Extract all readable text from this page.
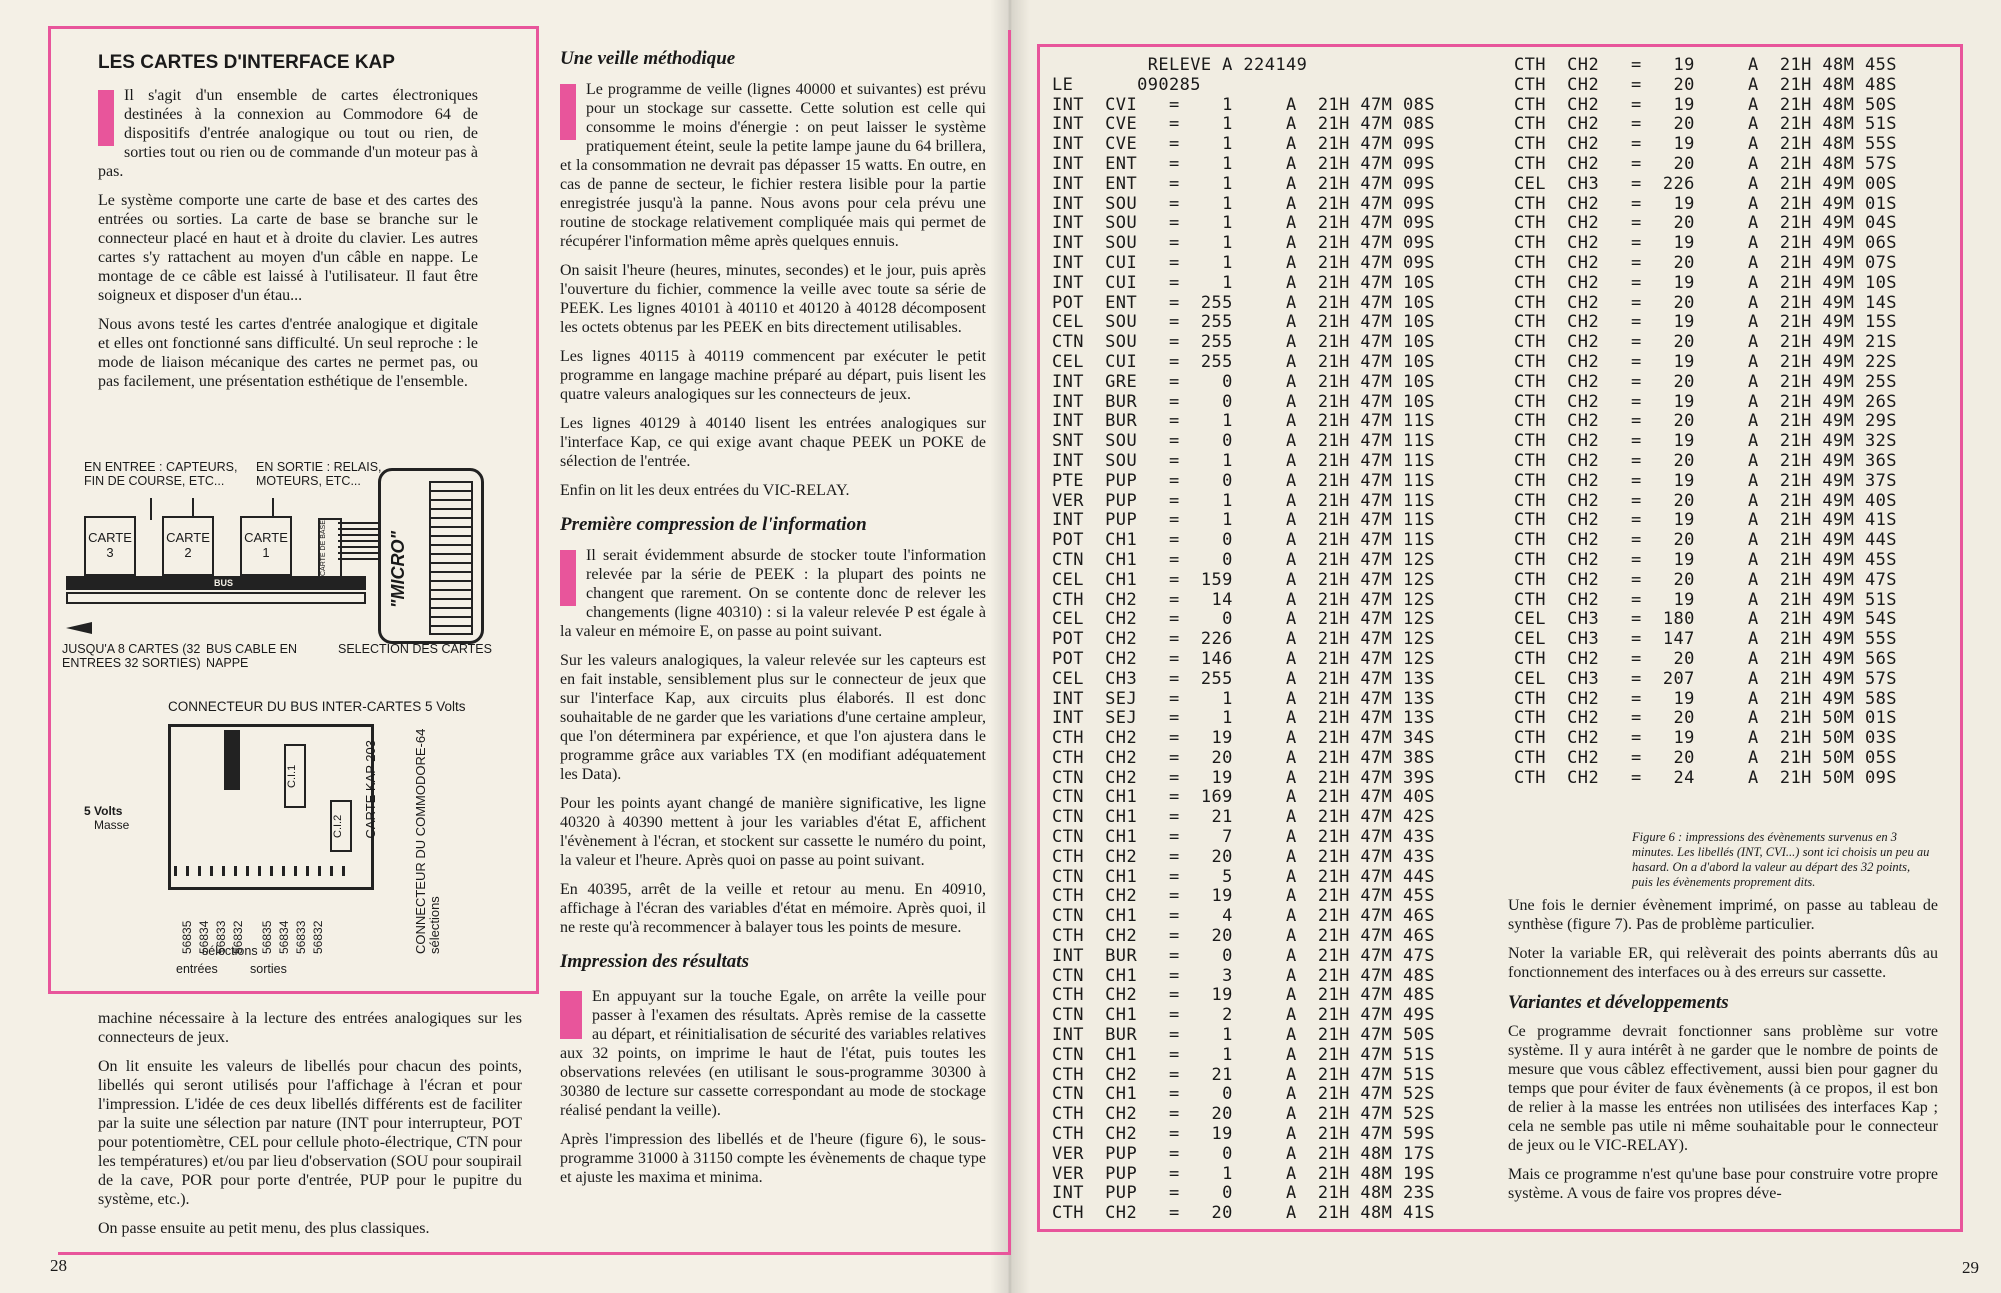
LES CARTES D'INTERFACE KAP

Il s'agit d'un ensemble de cartes électroniques destinées à la connexion au Commodore 64 de dispositifs d'entrée analogique ou tout ou rien, de sorties tout ou rien ou de commande d'un moteur pas à pas.

Le système comporte une carte de base et des cartes des entrées ou sorties. La carte de base se branche sur le connecteur placé en haut et à droite du clavier. Les autres cartes s'y rattachent au moyen d'un câble en nappe. Le montage de ce câble est laissé à l'utilisateur. Il faut être soigneux et disposer d'un étau...

Nous avons testé les cartes d'entrée analogique et digitale et elles ont fonctionné sans difficulté. Un seul reproche : le mode de liaison mécanique des cartes ne permet pas, ou pas facilement, une présentation esthétique de l'ensemble.

EN ENTREE : CAPTEURS, FIN DE COURSE, ETC...
EN SORTIE : RELAIS, MOTEURS, ETC...
CARTE 3
CARTE 2
CARTE 1	CARTE DE BASE
BUS	"MICRO"
JUSQU'A 8 CARTES (32 ENTREES 32 SORTIES)
BUS CABLE EN NAPPE
SELECTION DES CARTES
CONNECTEUR DU BUS INTER-CARTES 5 Volts
C.I.1
C.I.2	CARTE KAP 203	CONNECTEUR DU COMMODORE-64 sélections
5 Volts
Masse
56835 56834 56833 56832 56835 56834 56833 56832
sélections
entrées	sorties

machine nécessaire à la lecture des entrées analogiques sur les connecteurs de jeux.

On lit ensuite les valeurs de libellés pour chacun des points, libellés qui seront utilisés pour l'affichage à l'écran et pour l'impression. L'idée de ces deux libellés différents est de faciliter par la suite une sélection par nature (INT pour interrupteur, POT pour potentiomètre, CEL pour cellule photo-électrique, CTN pour les températures) et/ou par lieu d'observation (SOU pour soupirail de la cave, POR pour porte d'entrée, PUP pour le pupitre du système, etc.).

On passe ensuite au petit menu, des plus classiques.

28
Une veille méthodique

Le programme de veille (lignes 40000 et suivantes) est prévu pour un stockage sur cassette. Cette solution est celle qui consomme le moins d'énergie : on peut laisser le système pratiquement éteint, seule la petite lampe jaune du 64 brillera, et la consommation ne devrait pas dépasser 15 watts. En outre, en cas de panne de secteur, le fichier restera lisible pour la partie enregistrée jusqu'à la panne. Nous avons pour cela prévu une routine de stockage relativement compliquée mais qui permet de récupérer l'information même après quelques ennuis.

On saisit l'heure (heures, minutes, secondes) et le jour, puis après l'ouverture du fichier, commence la veille avec toute sa série de PEEK. Les lignes 40101 à 40110 et 40120 à 40128 décomposent les octets obtenus par les PEEK en bits directement utilisables.

Les lignes 40115 à 40119 commencent par exécuter le petit programme en langage machine préparé au départ, puis lisent les quatre valeurs analogiques sur les connecteurs de jeux.

Les lignes 40129 à 40140 lisent les entrées analogiques sur l'interface Kap, ce qui exige avant chaque PEEK un POKE de sélection de l'entrée.

Enfin on lit les deux entrées du VIC-RELAY.

Première compression de l'information

Il serait évidemment absurde de stocker toute l'information relevée par la série de PEEK : la plupart des points ne changent que rarement. On se contente donc de relever les changements (ligne 40310) : si la valeur relevée P est égale à la valeur en mémoire E, on passe au point suivant.

Sur les valeurs analogiques, la valeur relevée sur les capteurs est en fait instable, sensiblement plus sur le connecteur de jeux que sur l'interface Kap, aux circuits plus élaborés. Il est donc souhaitable de ne garder que les variations d'une certaine ampleur, que l'on déterminera par expérience, et que l'on ajustera dans le programme grâce aux variables TX (en modifiant adéquatement les Data).

Pour les points ayant changé de manière significative, les ligne 40320 à 40390 mettent à jour les variables d'état E, affichent l'évènement à l'écran, et stockent sur cassette le numéro du point, la valeur et l'heure. Après quoi on passe au point suivant.

En 40395, arrêt de la veille et retour au menu. En 40910, affichage à l'écran des variables d'état en mémoire. Après quoi, il ne reste qu'à recommencer à balayer tous les points de mesure.

Impression des résultats

En appuyant sur la touche Egale, on arrête la veille pour passer à l'examen des résultats. Après remise de la cassette au départ, et réinitialisation de sécurité des variables relatives aux 32 points, on imprime le haut de l'état, puis toutes les observations relevées (en utilisant le sous-programme 30300 à 30380 de lecture sur cassette correspondant au mode de stockage réalisé pendant la veille).

Après l'impression des libellés et de l'heure (figure 6), le sous-programme 31000 à 31150 compte les évènements de chaque type et ajuste les maxima et minima.

RELEVE A 224149
LE      090285
INT  CVI   =    1     A  21H 47M 08S
INT  CVE   =    1     A  21H 47M 08S
INT  CVE   =    1     A  21H 47M 09S
INT  ENT   =    1     A  21H 47M 09S
INT  ENT   =    1     A  21H 47M 09S
INT  SOU   =    1     A  21H 47M 09S
INT  SOU   =    1     A  21H 47M 09S
INT  SOU   =    1     A  21H 47M 09S
INT  CUI   =    1     A  21H 47M 09S
INT  CUI   =    1     A  21H 47M 10S
POT  ENT   =  255     A  21H 47M 10S
CEL  SOU   =  255     A  21H 47M 10S
CTN  SOU   =  255     A  21H 47M 10S
CEL  CUI   =  255     A  21H 47M 10S
INT  GRE   =    0     A  21H 47M 10S
INT  BUR   =    0     A  21H 47M 10S
INT  BUR   =    1     A  21H 47M 11S
SNT  SOU   =    0     A  21H 47M 11S
INT  SOU   =    1     A  21H 47M 11S
PTE  PUP   =    0     A  21H 47M 11S
VER  PUP   =    1     A  21H 47M 11S
INT  PUP   =    1     A  21H 47M 11S
POT  CH1   =    0     A  21H 47M 11S
CTN  CH1   =    0     A  21H 47M 12S
CEL  CH1   =  159     A  21H 47M 12S
CTH  CH2   =   14     A  21H 47M 12S
CEL  CH2   =    0     A  21H 47M 12S
POT  CH2   =  226     A  21H 47M 12S
POT  CH2   =  146     A  21H 47M 12S
CEL  CH3   =  255     A  21H 47M 13S
INT  SEJ   =    1     A  21H 47M 13S
INT  SEJ   =    1     A  21H 47M 13S
CTH  CH2   =   19     A  21H 47M 34S
CTH  CH2   =   20     A  21H 47M 38S
CTN  CH2   =   19     A  21H 47M 39S
CTN  CH1   =  169     A  21H 47M 40S
CTN  CH1   =   21     A  21H 47M 42S
CTN  CH1   =    7     A  21H 47M 43S
CTH  CH2   =   20     A  21H 47M 43S
CTN  CH1   =    5     A  21H 47M 44S
CTH  CH2   =   19     A  21H 47M 45S
CTN  CH1   =    4     A  21H 47M 46S
CTH  CH2   =   20     A  21H 47M 46S
INT  BUR   =    0     A  21H 47M 47S
CTN  CH1   =    3     A  21H 47M 48S
CTH  CH2   =   19     A  21H 47M 48S
CTN  CH1   =    2     A  21H 47M 49S
INT  BUR   =    1     A  21H 47M 50S
CTN  CH1   =    1     A  21H 47M 51S
CTH  CH2   =   21     A  21H 47M 51S
CTN  CH1   =    0     A  21H 47M 52S
CTH  CH2   =   20     A  21H 47M 52S
CTH  CH2   =   19     A  21H 47M 59S
VER  PUP   =    0     A  21H 48M 17S
VER  PUP   =    1     A  21H 48M 19S
INT  PUP   =    0     A  21H 48M 23S
CTH  CH2   =   20     A  21H 48M 41S
CTH  CH2   =   19     A  21H 48M 45S
CTH  CH2   =   20     A  21H 48M 48S
CTH  CH2   =   19     A  21H 48M 50S
CTH  CH2   =   20     A  21H 48M 51S
CTH  CH2   =   19     A  21H 48M 55S
CTH  CH2   =   20     A  21H 48M 57S
CEL  CH3   =  226     A  21H 49M 00S
CTH  CH2   =   19     A  21H 49M 01S
CTH  CH2   =   20     A  21H 49M 04S
CTH  CH2   =   19     A  21H 49M 06S
CTH  CH2   =   20     A  21H 49M 07S
CTH  CH2   =   19     A  21H 49M 10S
CTH  CH2   =   20     A  21H 49M 14S
CTH  CH2   =   19     A  21H 49M 15S
CTH  CH2   =   20     A  21H 49M 21S
CTH  CH2   =   19     A  21H 49M 22S
CTH  CH2   =   20     A  21H 49M 25S
CTH  CH2   =   19     A  21H 49M 26S
CTH  CH2   =   20     A  21H 49M 29S
CTH  CH2   =   19     A  21H 49M 32S
CTH  CH2   =   20     A  21H 49M 36S
CTH  CH2   =   19     A  21H 49M 37S
CTH  CH2   =   20     A  21H 49M 40S
CTH  CH2   =   19     A  21H 49M 41S
CTH  CH2   =   20     A  21H 49M 44S
CTH  CH2   =   19     A  21H 49M 45S
CTH  CH2   =   20     A  21H 49M 47S
CTH  CH2   =   19     A  21H 49M 51S
CEL  CH3   =  180     A  21H 49M 54S
CEL  CH3   =  147     A  21H 49M 55S
CTH  CH2   =   20     A  21H 49M 56S
CEL  CH3   =  207     A  21H 49M 57S
CTH  CH2   =   19     A  21H 49M 58S
CTH  CH2   =   20     A  21H 50M 01S
CTH  CH2   =   19     A  21H 50M 03S
CTH  CH2   =   20     A  21H 50M 05S
CTH  CH2   =   24     A  21H 50M 09S
Figure 6 : impressions des évènements survenus en 3 minutes. Les libellés (INT, CVI...) sont ici choisis un peu au hasard. On a d'abord la valeur au départ des 32 points, puis les évènements proprement dits.

Une fois le dernier évènement imprimé, on passe au tableau de synthèse (figure 7). Pas de problème particulier.

Noter la variable ER, qui relèverait des points aberrants dûs au fonctionnement des interfaces ou à des erreurs sur cassette.

Variantes et développements

Ce programme devrait fonctionner sans problème sur votre système. Il y aura intérêt à ne garder que le nombre de points de mesure que vous câblez effectivement, aussi bien pour gagner du temps que pour éviter de faux évènements (à ce propos, il est bon de relier à la masse les entrées non utilisées des interfaces Kap ; cela ne semble pas utile ni même souhaitable pour le connecteur de jeux ou le VIC-RELAY).

Mais ce programme n'est qu'une base pour construire votre propre système. A vous de faire vos propres déve-

29
